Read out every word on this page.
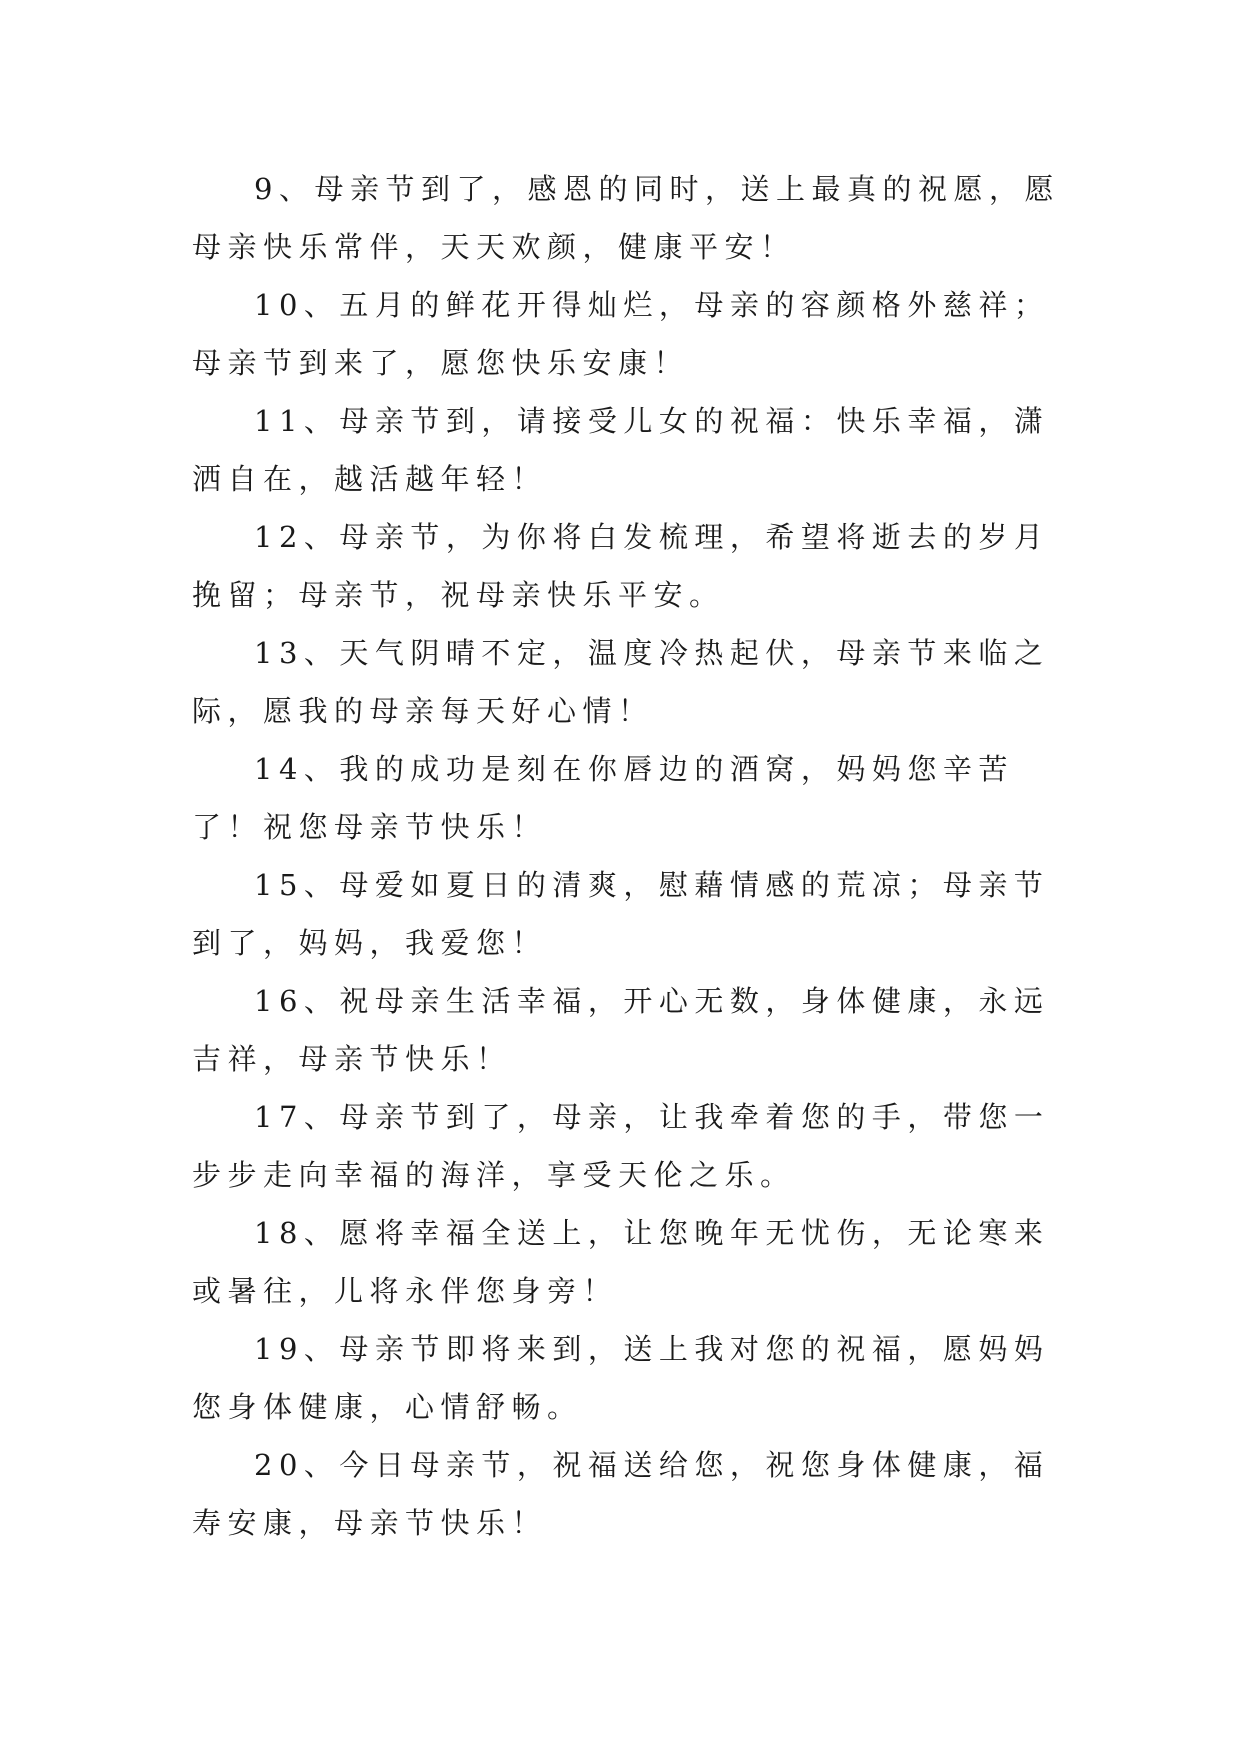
9、母亲节到了，感恩的同时，送上最真的祝愿，愿母亲快乐常伴，天天欢颜，健康平安！

10、五月的鲜花开得灿烂，母亲的容颜格外慈祥；母亲节到来了，愿您快乐安康！

11、母亲节到，请接受儿女的祝福：快乐幸福，潇洒自在，越活越年轻！

12、母亲节，为你将白发梳理，希望将逝去的岁月挽留；母亲节，祝母亲快乐平安。

13、天气阴晴不定，温度冷热起伏，母亲节来临之际，愿我的母亲每天好心情！

14、我的成功是刻在你唇边的酒窝，妈妈您辛苦了！祝您母亲节快乐！

15、母爱如夏日的清爽，慰藉情感的荒凉；母亲节到了，妈妈，我爱您！

16、祝母亲生活幸福，开心无数，身体健康，永远吉祥，母亲节快乐！

17、母亲节到了，母亲，让我牵着您的手，带您一步步走向幸福的海洋，享受天伦之乐。

18、愿将幸福全送上，让您晚年无忧伤，无论寒来或暑往，儿将永伴您身旁！

19、母亲节即将来到，送上我对您的祝福，愿妈妈您身体健康，心情舒畅。

20、今日母亲节，祝福送给您，祝您身体健康，福寿安康，母亲节快乐！
